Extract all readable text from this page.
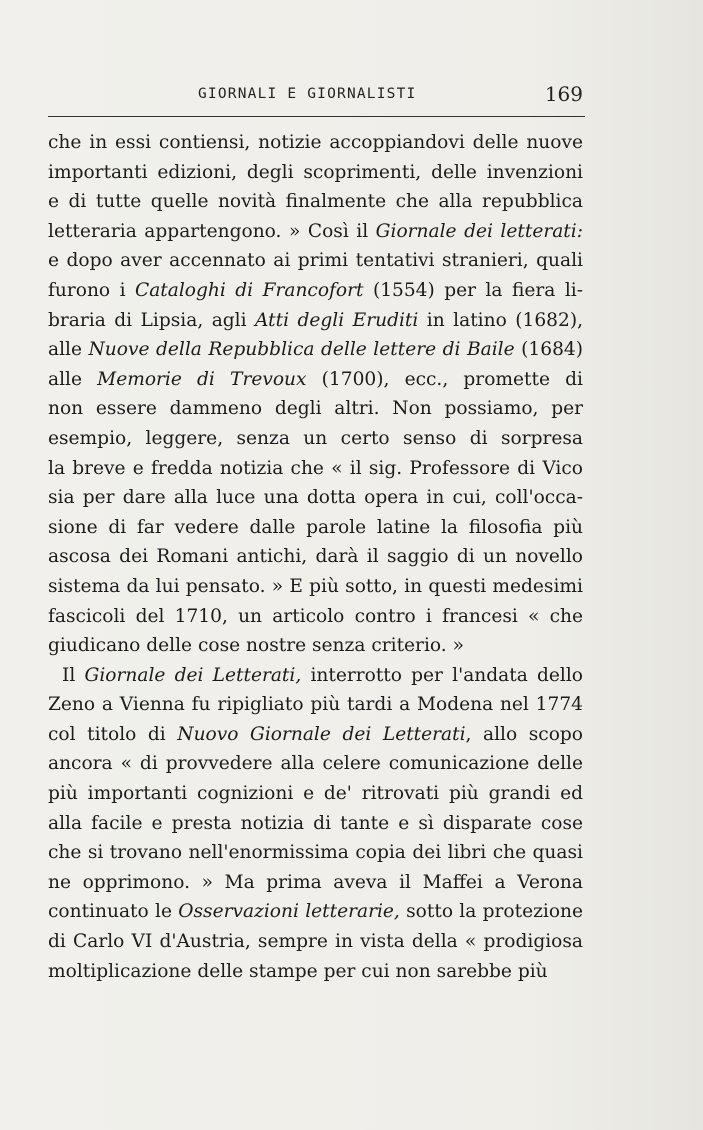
GIORNALI E GIORNALISTI	169
che in essi contiensi, notizie accoppiandovi delle nuove
importanti edizioni, degli scoprimenti, delle invenzioni
e di tutte quelle novità finalmente che alla repubblica
letteraria appartengono. » Così il Giornale dei letterati:
e dopo aver accennato ai primi tentativi stranieri, quali
furono i Cataloghi di Francofort (1554) per la fiera li-
braria di Lipsia, agli Atti degli Eruditi in latino (1682),
alle Nuove della Repubblica delle lettere di Baile (1684)
alle Memorie di Trevoux (1700), ecc., promette di
non essere dammeno degli altri. Non possiamo, per
esempio, leggere, senza un certo senso di sorpresa
la breve e fredda notizia che « il sig. Professore di Vico
sia per dare alla luce una dotta opera in cui, coll'occa-
sione di far vedere dalle parole latine la filosofia più
ascosa dei Romani antichi, darà il saggio di un novello
sistema da lui pensato. » E più sotto, in questi medesimi
fascicoli del 1710, un articolo contro i francesi « che
giudicano delle cose nostre senza criterio. »
Il Giornale dei Letterati, interrotto per l'andata dello
Zeno a Vienna fu ripigliato più tardi a Modena nel 1774
col titolo di Nuovo Giornale dei Letterati, allo scopo
ancora « di provvedere alla celere comunicazione delle
più importanti cognizioni e de' ritrovati più grandi ed
alla facile e presta notizia di tante e sì disparate cose
che si trovano nell'enormissima copia dei libri che quasi
ne opprimono. » Ma prima aveva il Maffei a Verona
continuato le Osservazioni letterarie, sotto la protezione
di Carlo VI d'Austria, sempre in vista della « prodigiosa
moltiplicazione delle stampe per cui non sarebbe più
